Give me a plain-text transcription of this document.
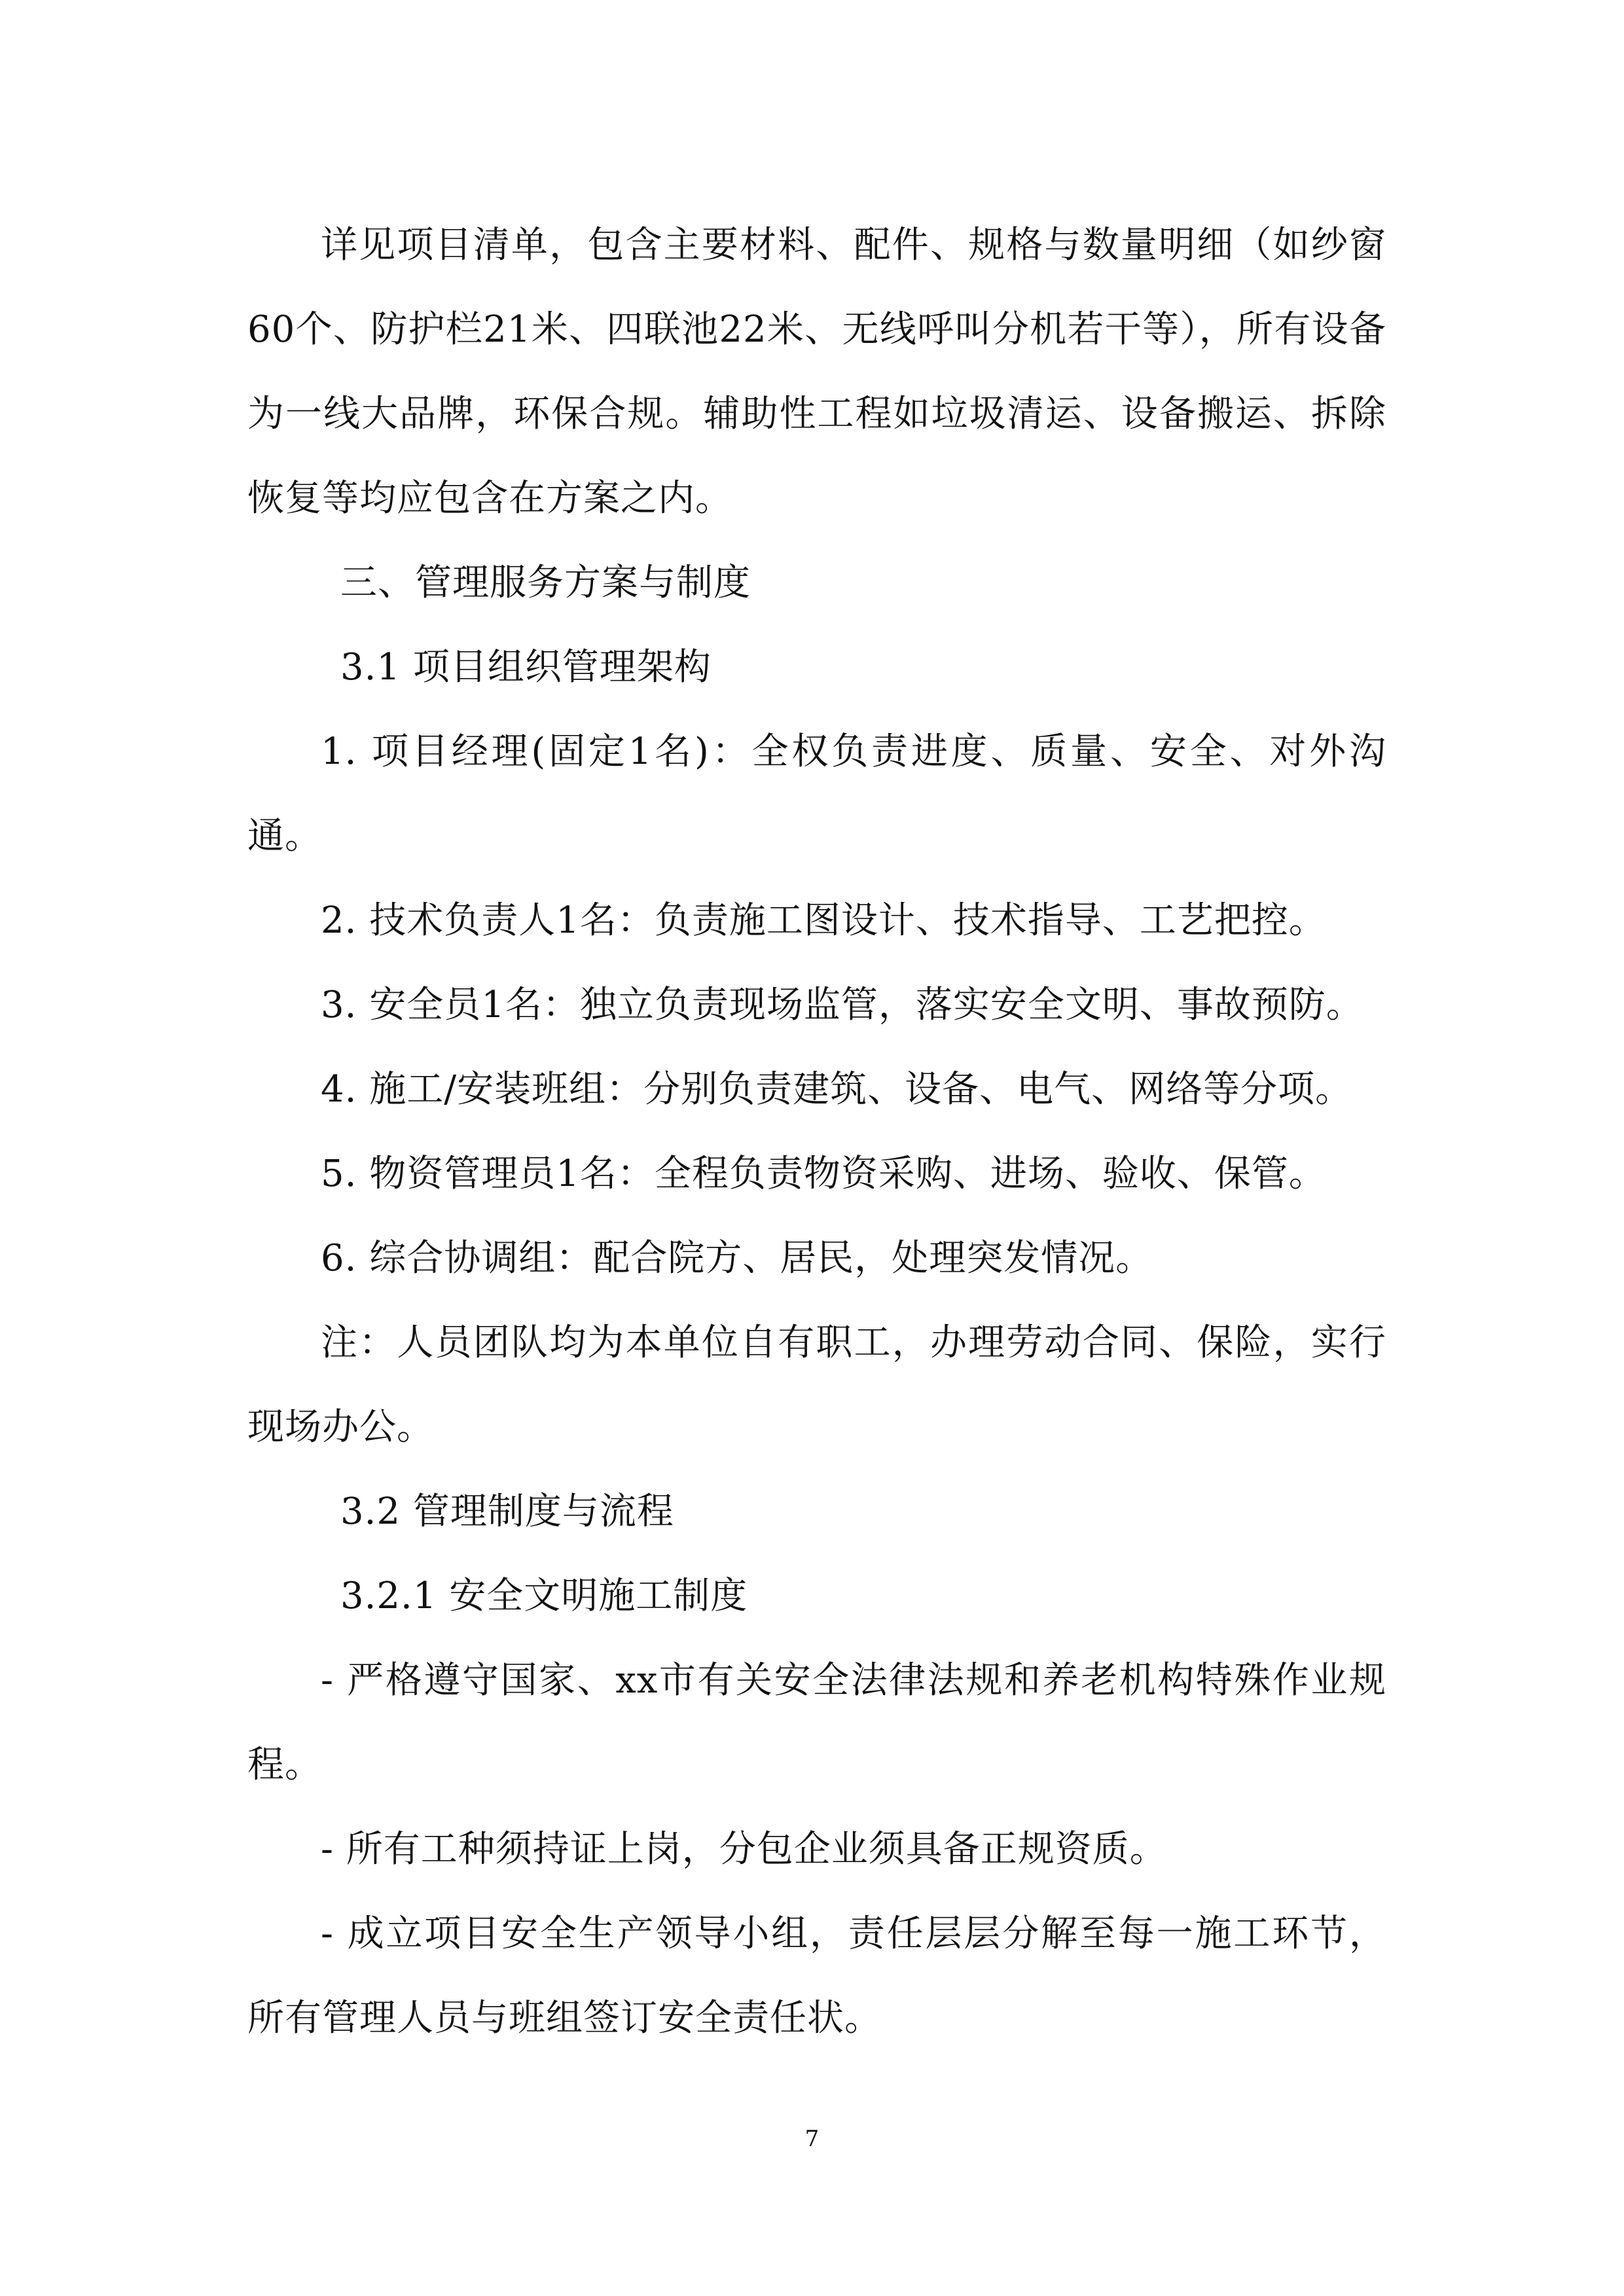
详见项目清单，包含主要材料、配件、规格与数量明细（如纱窗60个、防护栏21米、四联池22米、无线呼叫分机若干等），所有设备为一线大品牌，环保合规。辅助性工程如垃圾清运、设备搬运、拆除恢复等均应包含在方案之内。

三、管理服务方案与制度

3.1 项目组织管理架构

1. 项目经理(固定1名)：全权负责进度、质量、安全、对外沟通。

2. 技术负责人1名：负责施工图设计、技术指导、工艺把控。

3. 安全员1名：独立负责现场监管，落实安全文明、事故预防。

4. 施工/安装班组：分别负责建筑、设备、电气、网络等分项。

5. 物资管理员1名：全程负责物资采购、进场、验收、保管。

6. 综合协调组：配合院方、居民，处理突发情况。

注：人员团队均为本单位自有职工，办理劳动合同、保险，实行现场办公。

3.2 管理制度与流程

3.2.1 安全文明施工制度

- 严格遵守国家、xx市有关安全法律法规和养老机构特殊作业规程。

- 所有工种须持证上岗，分包企业须具备正规资质。

- 成立项目安全生产领导小组，责任层层分解至每一施工环节，所有管理人员与班组签订安全责任状。

7
